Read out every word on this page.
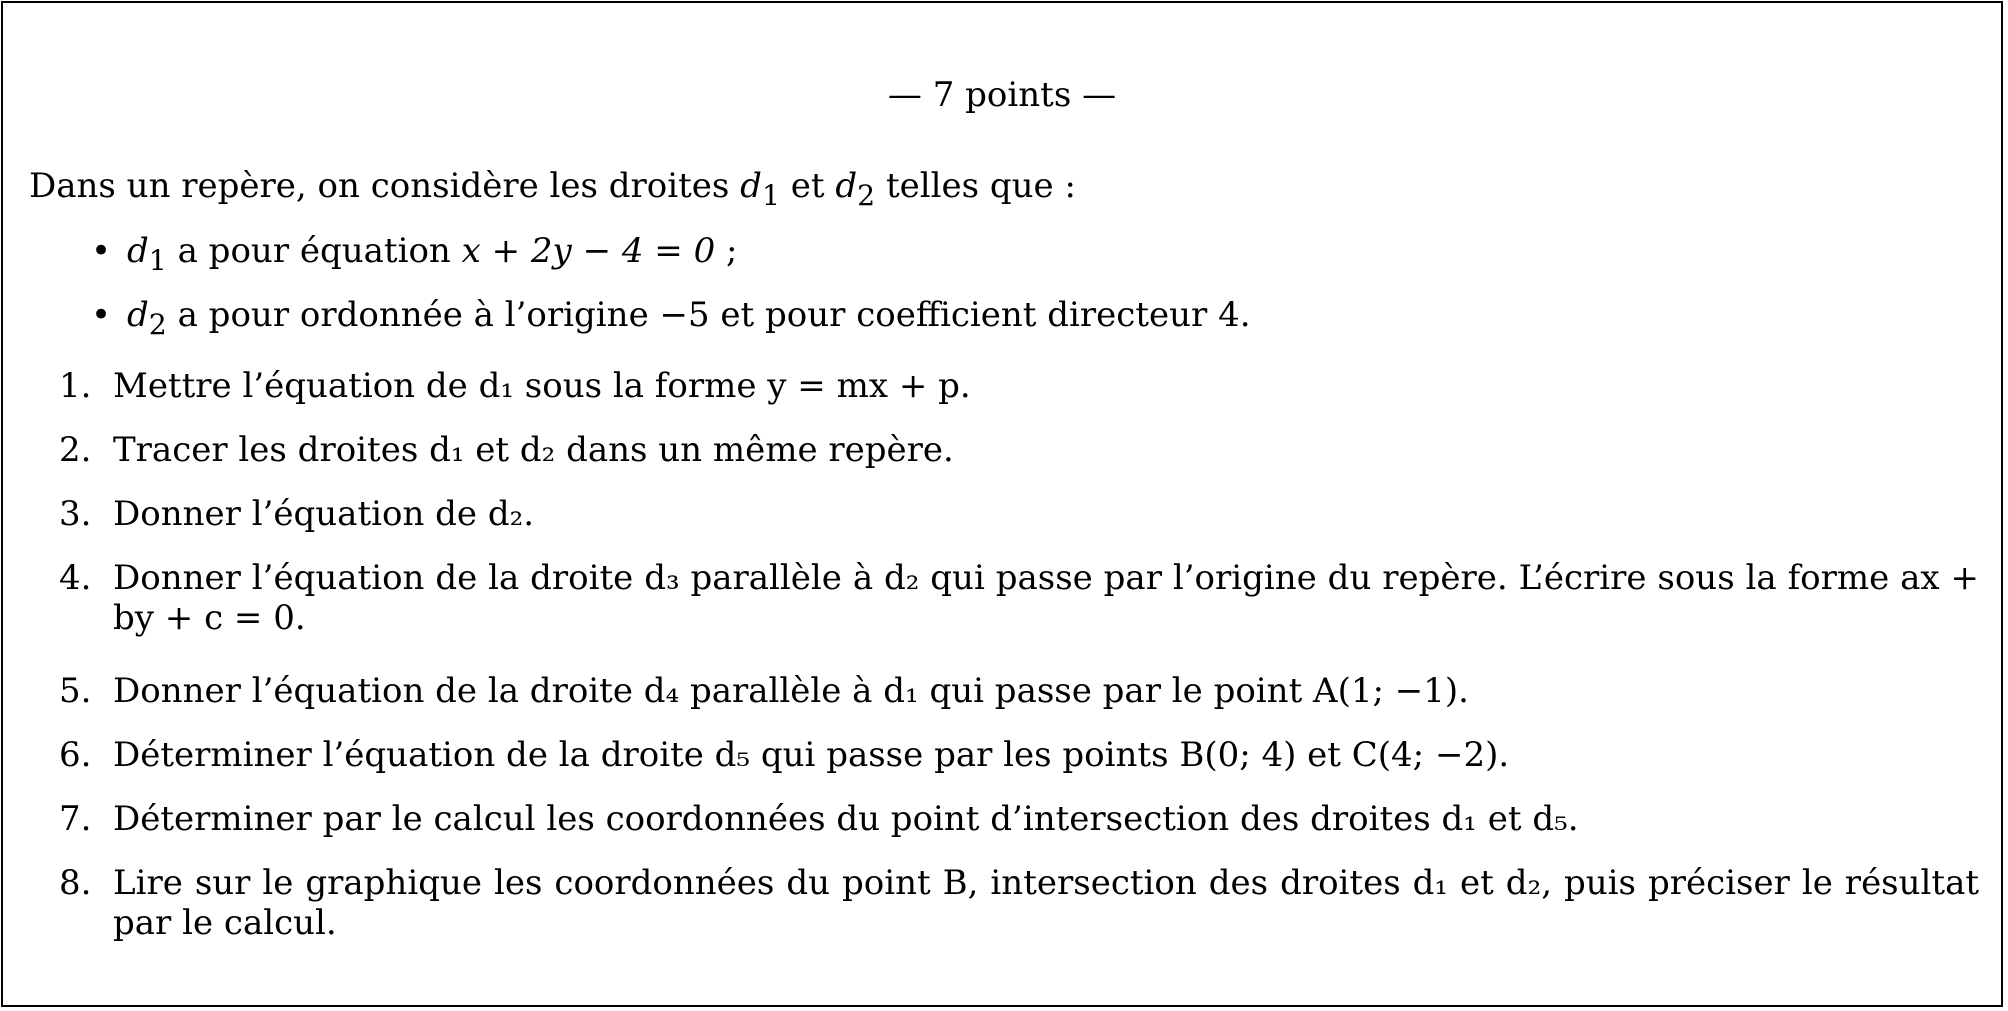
— 7 points —
Dans un repère, on considère les droites $d_1$ et $d_2$ telles que :
• $d_1$ a pour équation x + 2y − 4 = 0 ;
• $d_2$ a pour ordonnée à l’origine −5 et pour coefficient directeur 4.
1. Mettre l’équation de d₁ sous la forme y = mx + p.
2. Tracer les droites d₁ et d₂ dans un même repère.
3. Donner l’équation de d₂.
4. Donner l’équation de la droite d₃ parallèle à d₂ qui passe par l’origine du repère. L’écrire sous la forme ax + by + c = 0.
5. Donner l’équation de la droite d₄ parallèle à d₁ qui passe par le point A(1; −1).
6. Déterminer l’équation de la droite d₅ qui passe par les points B(0; 4) et C(4; −2).
7. Déterminer par le calcul les coordonnées du point d’intersection des droites d₁ et d₅.
8. Lire sur le graphique les coordonnées du point B, intersection des droites d₁ et d₂, puis préciser le résultat par le calcul.
